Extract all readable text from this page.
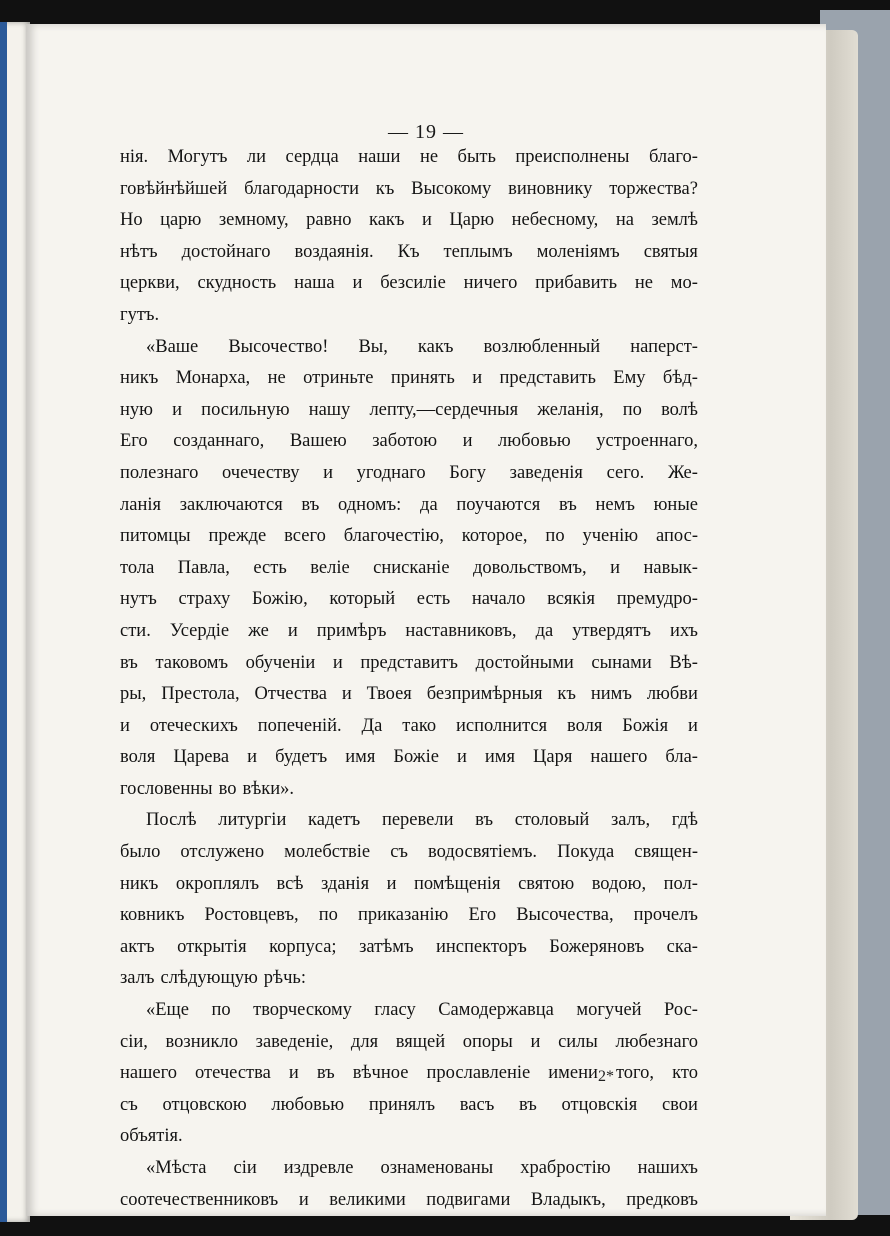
— 19 —
нія. Могутъ ли сердца наши не быть преисполнены благо-
говѣйнѣйшей благодарности къ Высокому виновнику торжества?
Но царю земному, равно какъ и Царю небесному, на землѣ
нѣтъ достойнаго воздаянія. Къ теплымъ моленіямъ святыя
церкви, скудность наша и безсиліе ничего прибавить не мо-
гутъ.
«Ваше Высочество! Вы, какъ возлюбленный наперст-
никъ Монарха, не отриньте принять и представить Ему бѣд-
ную и посильную нашу лепту,—сердечныя желанія, по волѣ
Его созданнаго, Вашею заботою и любовью устроеннаго,
полезнаго очечеству и угоднаго Богу заведенія сего. Же-
ланія заключаются въ одномъ: да поучаются въ немъ юные
питомцы прежде всего благочестію, которое, по ученію апос-
тола Павла, есть веліе снисканіе довольствомъ, и навык-
нутъ страху Божію, который есть начало всякія премудро-
сти. Усердіе же и примѣръ наставниковъ, да утвердятъ ихъ
въ таковомъ обученіи и представитъ достойными сынами Вѣ-
ры, Престола, Отчества и Твоея безпримѣрныя къ нимъ любви
и отеческихъ попеченій. Да тако исполнится воля Божія и
воля Царева и будетъ имя Божіе и имя Царя нашего бла-
гословенны во вѣки».
Послѣ литургіи кадетъ перевели въ столовый залъ, гдѣ
было отслужено молебствіе съ водосвятіемъ. Покуда священ-
никъ окроплялъ всѣ зданія и помѣщенія святою водою, пол-
ковникъ Ростовцевъ, по приказанію Его Высочества, прочелъ
актъ открытія корпуса; затѣмъ инспекторъ Божеряновъ ска-
залъ слѣдующую рѣчь:
«Еще по творческому гласу Самодержавца могучей Рос-
сіи, возникло заведеніе, для вящей опоры и силы любезнаго
нашего отечества и въ вѣчное прославленіе имени того, кто
съ отцовскою любовью принялъ васъ въ отцовскія свои
объятія.
«Мѣста сіи издревле ознаменованы храбростію нашихъ
соотечественниковъ и великими подвигами Владыкъ, предковъ
2*
